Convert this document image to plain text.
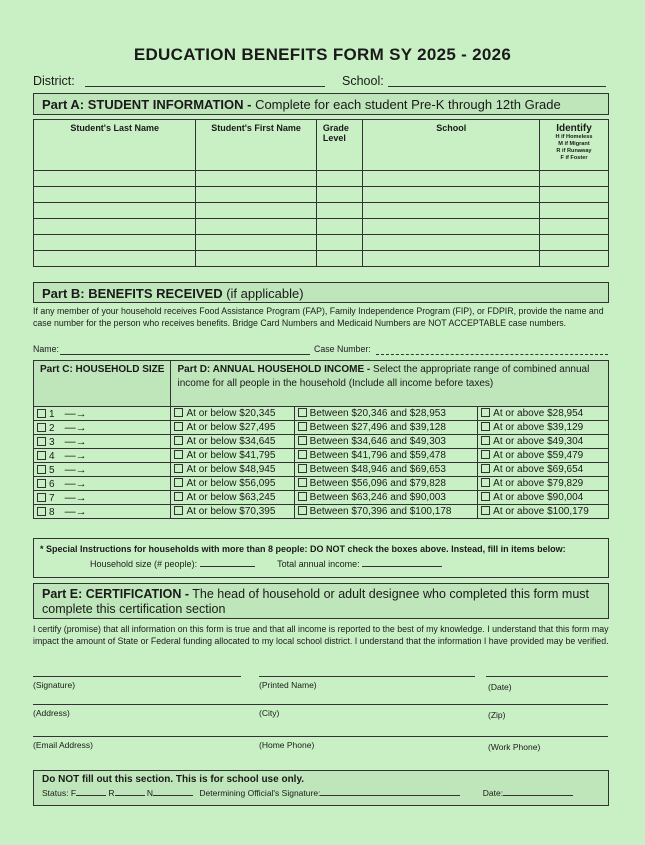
EDUCATION BENEFITS FORM SY 2025 - 2026
District:	School:
Part A: STUDENT INFORMATION - Complete for each student Pre-K through 12th Grade
Student's Last Name	Student's First Name	Grade Level	School	Identify
H if Homeless
M if Migrant
R if Runaway
F if Foster

Part B: BENEFITS RECEIVED (if applicable)
If any member of your household receives Food Assistance Program (FAP), Family Independence Program (FIP), or FDPIR, provide the name and case number for the person who receives benefits. Bridge Card Numbers and Medicaid Numbers are NOT ACCEPTABLE case numbers.
Name:	Case Number:
Part C: HOUSEHOLD SIZE	Part D: ANNUAL HOUSEHOLD INCOME - Select the appropriate range of combined annual income for all people in the household (Include all income before taxes)		
1 —→	At or below $20,345	Between $20,346 and $28,953	At or above $28,954
2 —→	At or below $27,495	Between $27,496 and $39,128	At or above $39,129
3 —→	At or below $34,645	Between $34,646 and $49,303	At or above $49,304
4 —→	At or below $41,795	Between $41,796 and $59,478	At or above $59,479
5 —→	At or below $48,945	Between $48,946 and $69,653	At or above $69,654
6 —→	At or below $56,095	Between $56,096 and $79,828	At or above $79,829
7 —→	At or below $63,245	Between $63,246 and $90,003	At or above $90,004
8 —→	At or below $70,395	Between $70,396 and $100,178	At or above $100,179
* Special Instructions for households with more than 8 people: DO NOT check the boxes above. Instead, fill in items below:
Household size (# people):	Total annual income:
Part E: CERTIFICATION - The head of household or adult designee who completed this form must complete this certification section
I certify (promise) that all information on this form is true and that all income is reported to the best of my knowledge. I understand that this form may impact the amount of State or Federal funding allocated to my local school district. I understand that the information I have provided may be verified.
(Signature)	(Printed Name)	(Date)
(Address)	(City)	(Zip)
(Email Address)	(Home Phone)	(Work Phone)
Do NOT fill out this section. This is for school use only.
Status: F	R	N	Determining Official's Signature:	Date:
